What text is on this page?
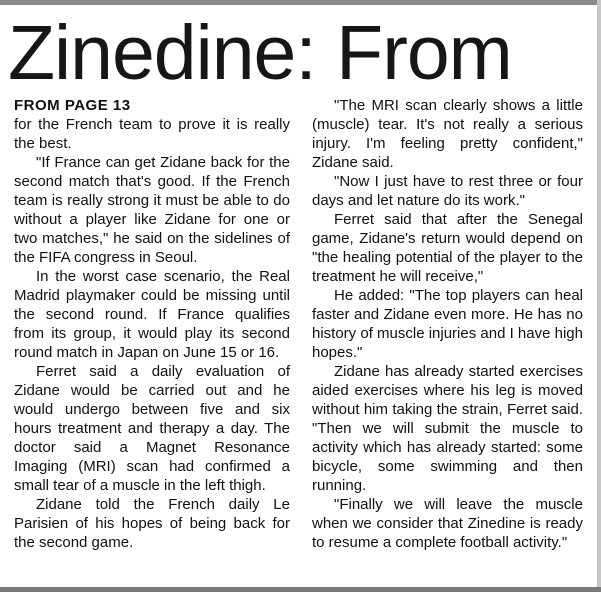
Zinedine: From
FROM PAGE 13

for the French team to prove it is really the best.

"If France can get Zidane back for the second match that's good. If the French team is really strong it must be able to do without a player like Zidane for one or two matches," he said on the sidelines of the FIFA congress in Seoul.

In the worst case scenario, the Real Madrid playmaker could be missing until the second round. If France qualifies from its group, it would play its second round match in Japan on June 15 or 16.

Ferret said a daily evaluation of Zidane would be carried out and he would undergo between five and six hours treatment and therapy a day. The doctor said a Magnet Resonance Imaging (MRI) scan had confirmed a small tear of a muscle in the left thigh.

Zidane told the French daily Le Parisien of his hopes of being back for the second game.

"The MRI scan clearly shows a little (muscle) tear. It's not really a serious injury. I'm feeling pretty confident," Zidane said.

"Now I just have to rest three or four days and let nature do its work."

Ferret said that after the Senegal game, Zidane's return would depend on "the healing potential of the player to the treatment he will receive,"

He added: "The top players can heal faster and Zidane even more. He has no history of muscle injuries and I have high hopes."

Zidane has already started exercises aided exercises where his leg is moved without him taking the strain, Ferret said. "Then we will submit the muscle to activity which has already started: some bicycle, some swimming and then running.

"Finally we will leave the muscle when we consider that Zinedine is ready to resume a complete football activity."
